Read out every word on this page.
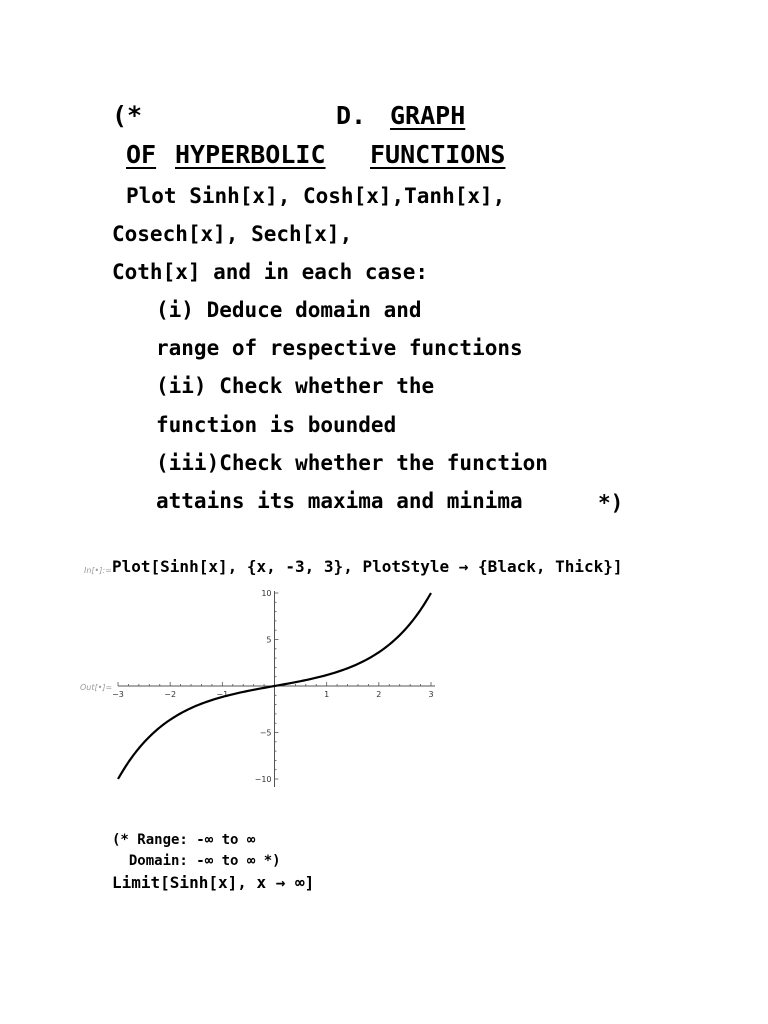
(*	D. GRAPH
OF HYPERBOLIC FUNCTIONS
Plot Sinh[x], Cosh[x],Tanh[x],
Cosech[x], Sech[x],
Coth[x] and in each case:
(i) Deduce domain and
range of respective functions
(ii) Check whether the
function is bounded
(iii)Check whether the function
attains its maxima and minima	*)
In[•]:= Plot[Sinh[x], {x, -3, 3}, PlotStyle → {Black, Thick}]
Out[•]=
−3	−2	−1	1	2	3
10
5
−5
−10
(* Range: -∞ to ∞
Domain: -∞ to ∞ *)
Limit[Sinh[x], x → ∞]
